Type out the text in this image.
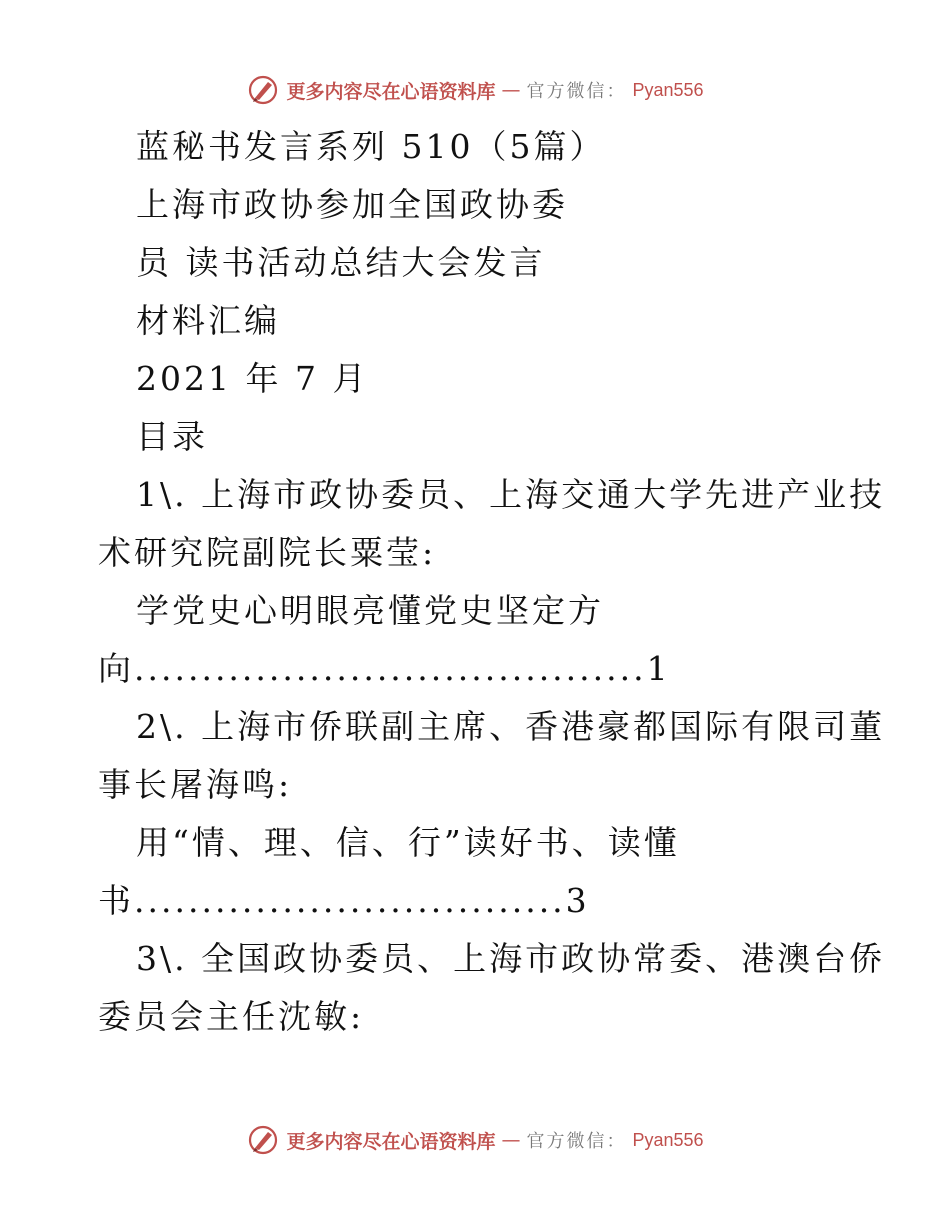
更多内容尽在心语资料库 — 官方微信： Pyan556
蓝秘书发言系列 510（5篇）
上海市政协参加全国政协委
员 读书活动总结大会发言
材料汇编
2021 年 7 月
目录
1\. 上海市政协委员、上海交通大学先进产业技
术研究院副院长粟莹:
学党史心明眼亮懂党史坚定方
向......................................1
2\. 上海市侨联副主席、香港豪都国际有限司董
事长屠海鸣:
用“情、理、信、行”读好书、读懂
书................................3
3\. 全国政协委员、上海市政协常委、港澳台侨
委员会主任沈敏:
更多内容尽在心语资料库 — 官方微信： Pyan556
